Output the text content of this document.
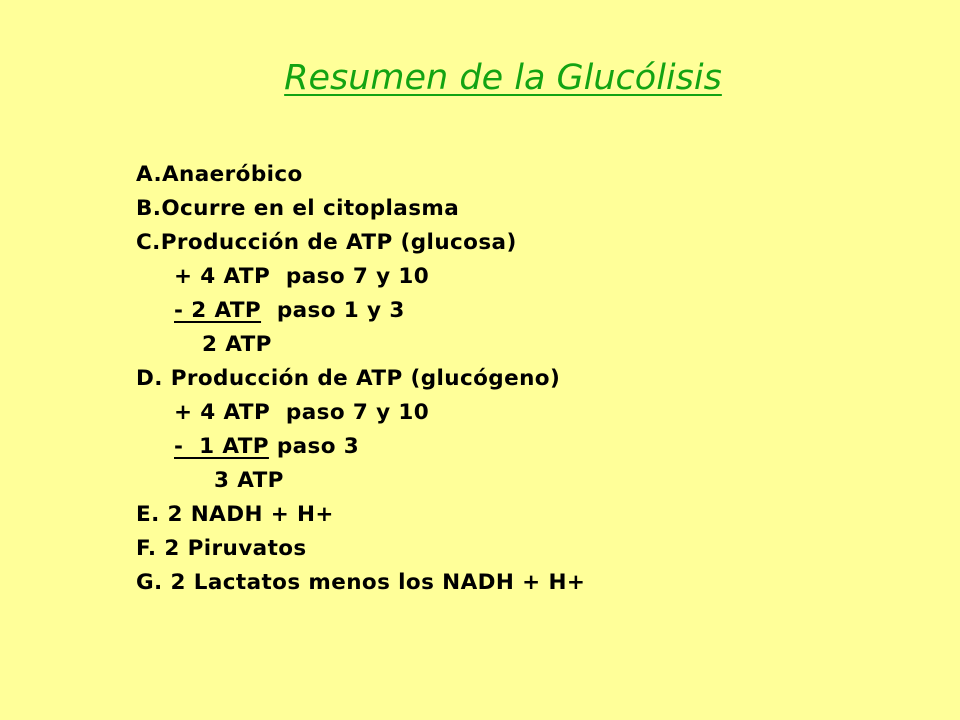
Resumen de la Glucólisis
A.Anaeróbico
B.Ocurre en el citoplasma
C.Producción de ATP (glucosa)
+ 4 ATP paso 7 y 10
- 2 ATP paso 1 y 3
2 ATP
D. Producción de ATP (glucógeno)
+ 4 ATP paso 7 y 10
-  1 ATP paso 3
3 ATP
E. 2 NADH + H+
F. 2 Piruvatos
G. 2 Lactatos menos los NADH + H+
